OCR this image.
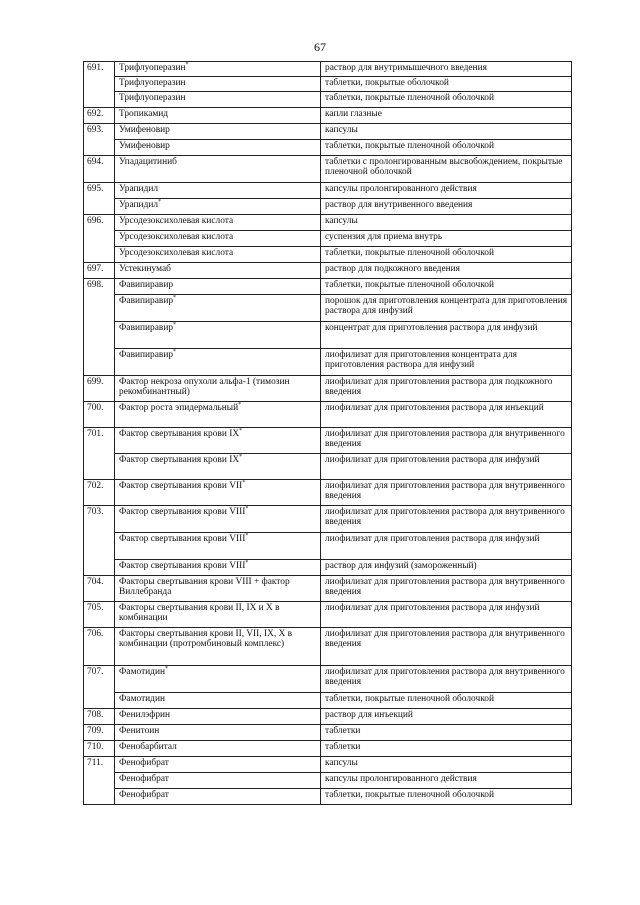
67
691.	Трифлуоперазин*	раствор для внутримышечного введения
	Трифлуоперазин	таблетки, покрытые оболочкой
	Трифлуоперазин	таблетки, покрытые пленочной оболочкой
692.	Тропикамид	капли глазные
693.	Умифеновир	капсулы
	Умифеновир	таблетки, покрытые пленочной оболочкой
694.	Упадацитиниб	таблетки с пролонгированным высвобождением, покрытые пленочной оболочкой
695.	Урапидил	капсулы пролонгированного действия
	Урапидил*	раствор для внутривенного введения
696.	Урсодезоксихолевая кислота	капсулы
	Урсодезоксихолевая кислота	суспензия для приема внутрь
	Урсодезоксихолевая кислота	таблетки, покрытые пленочной оболочкой
697.	Устекинумаб	раствор для подкожного введения
698.	Фавипиравир	таблетки, покрытые пленочной оболочкой
	Фавипиравир*	порошок для приготовления концентрата для приготовления раствора для инфузий
	Фавипиравир*	концентрат для приготовления раствора для инфузий
	Фавипиравир*	лиофилизат для приготовления концентрата для приготовления раствора для инфузий
699.	Фактор некроза опухоли альфа-1 (тимозин рекомбинантный)	лиофилизат для приготовления раствора для подкожного введения
700.	Фактор роста эпидермальный*	лиофилизат для приготовления раствора для инъекций
701.	Фактор свертывания крови IX*	лиофилизат для приготовления раствора для внутривенного введения
	Фактор свертывания крови IX*	лиофилизат для приготовления раствора для инфузий
702.	Фактор свертывания крови VII*	лиофилизат для приготовления раствора для внутривенного введения
703.	Фактор свертывания крови VIII*	лиофилизат для приготовления раствора для внутривенного введения
	Фактор свертывания крови VIII*	лиофилизат для приготовления раствора для инфузий
	Фактор свертывания крови VIII*	раствор для инфузий (замороженный)
704.	Факторы свертывания крови VIII + фактор Виллебранда	лиофилизат для приготовления раствора для внутривенного введения
705.	Факторы свертывания крови II, IX и X в комбинации	лиофилизат для приготовления раствора для инфузий
706.	Факторы свертывания крови II, VII, IX, X в комбинации (протромбиновый комплекс)	лиофилизат для приготовления раствора для внутривенного введения
707.	Фамотидин*	лиофилизат для приготовления раствора для внутривенного введения
	Фамотидин	таблетки, покрытые пленочной оболочкой
708.	Фенилэфрин	раствор для инъекций
709.	Фенитоин	таблетки
710.	Фенобарбитал	таблетки
711.	Фенофибрат	капсулы
	Фенофибрат	капсулы пролонгированного действия
	Фенофибрат	таблетки, покрытые пленочной оболочкой
